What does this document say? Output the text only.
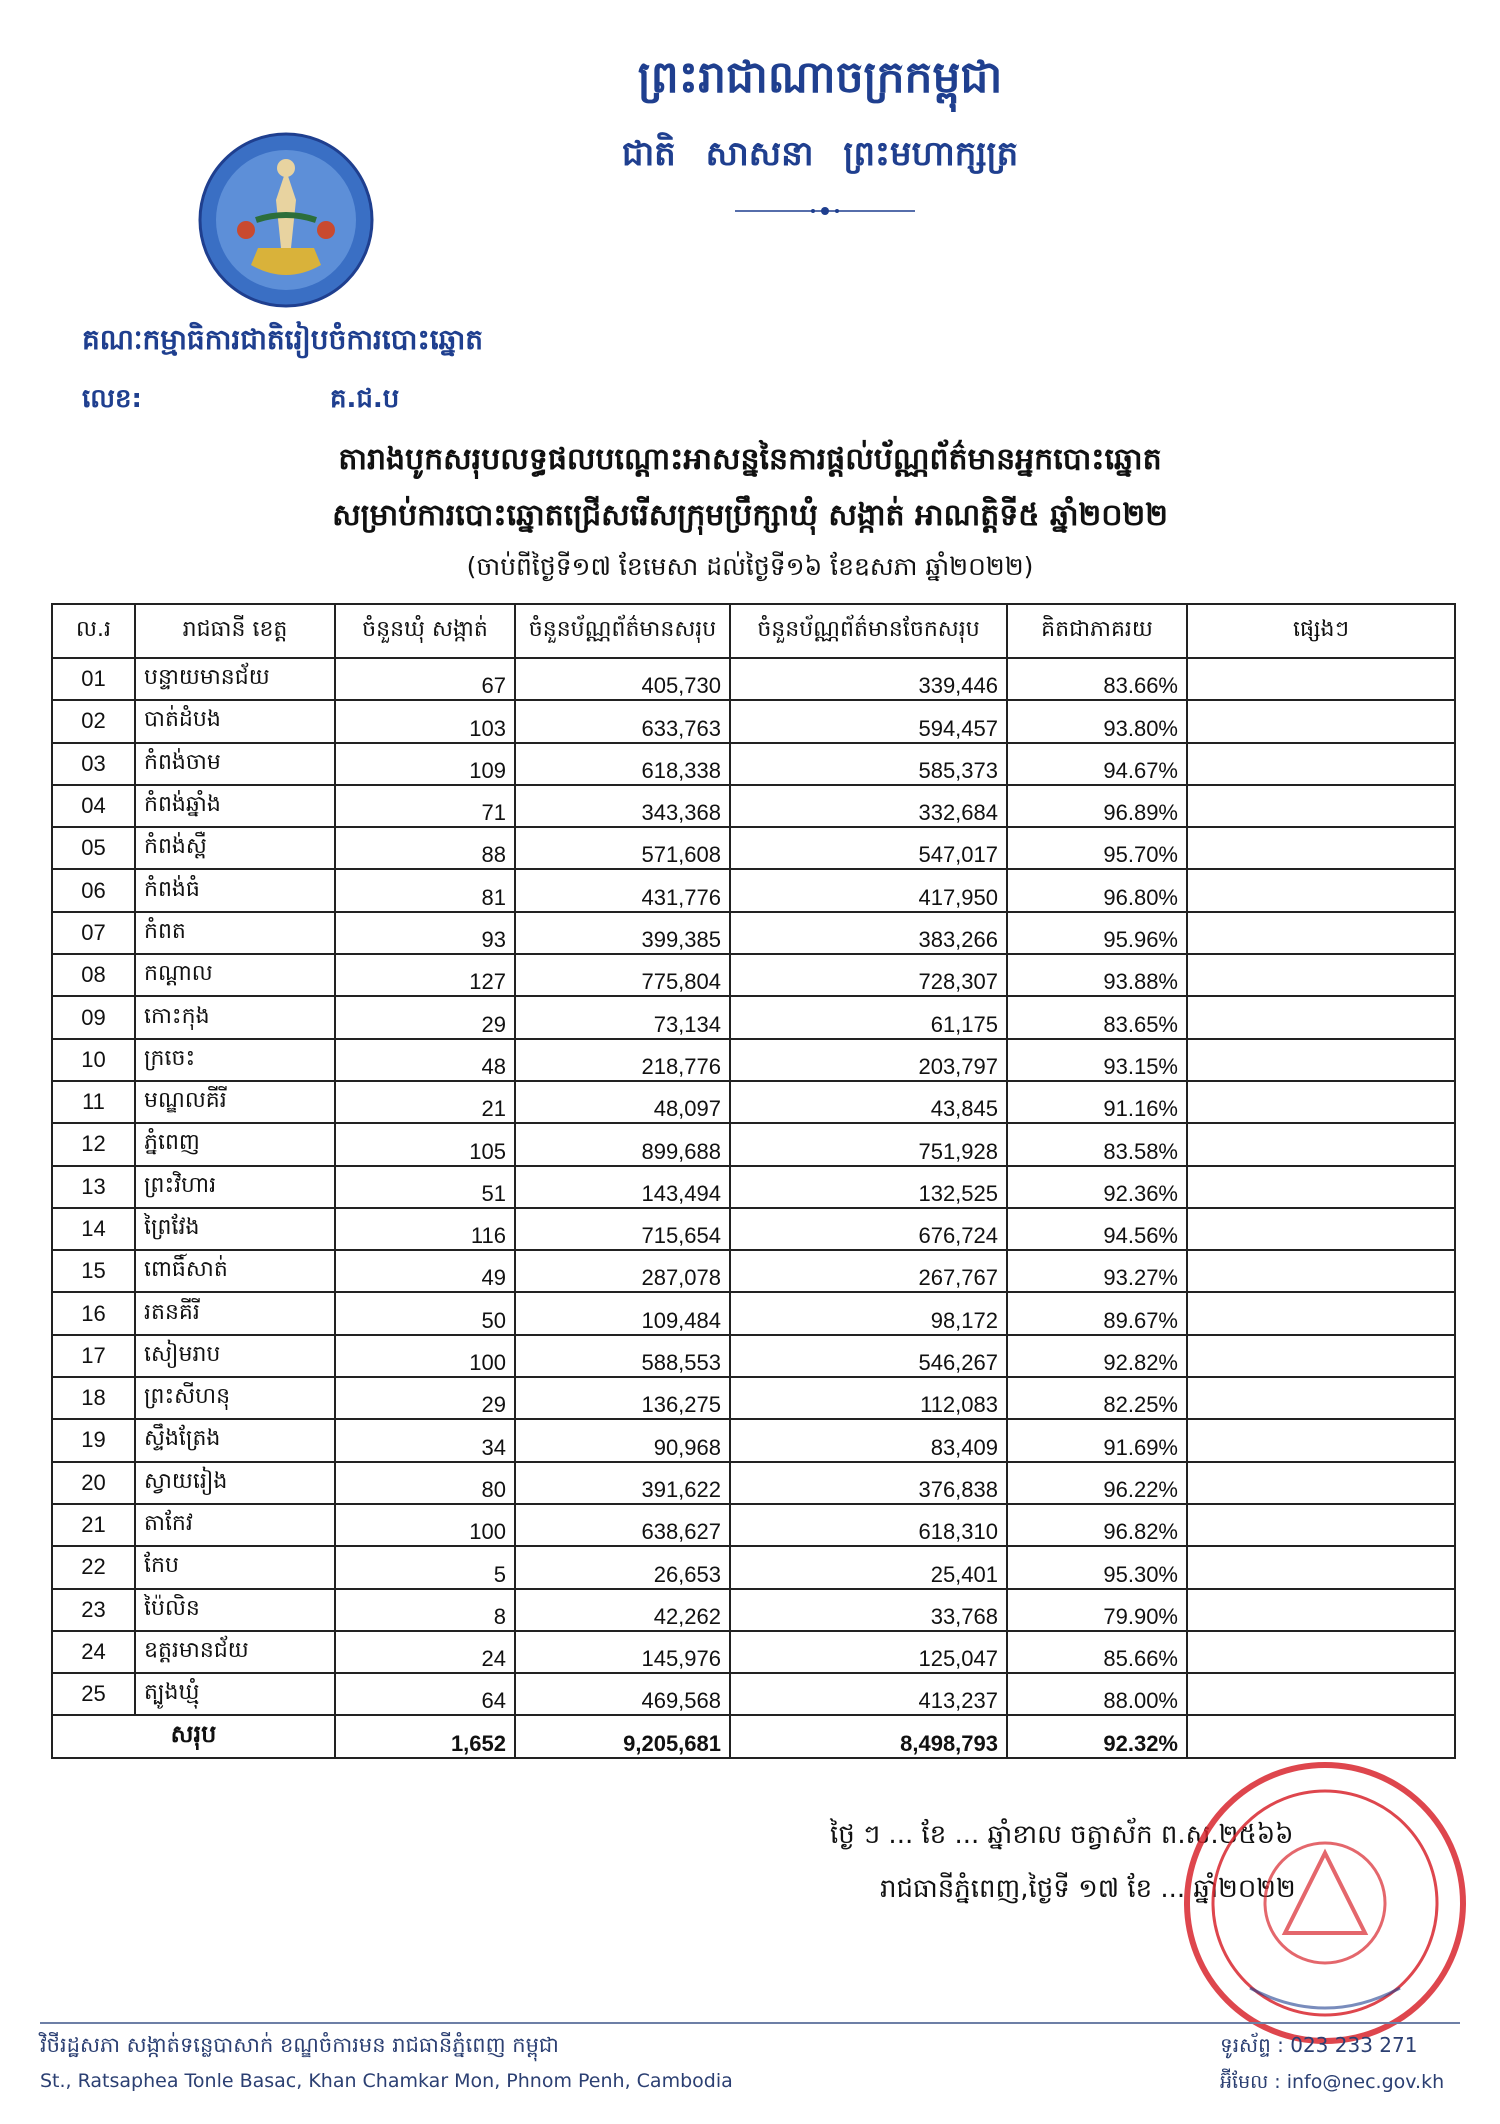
ព្រះរាជាណាចក្រកម្ពុជា
ជាតិ សាសនា ព្រះមហាក្សត្រ
គណៈកម្មាធិការជាតិរៀបចំការបោះឆ្នោត
លេខ:	គ.ជ.ប
តារាងបូកសរុបលទ្ធផលបណ្ដោះអាសន្ននៃការផ្ដល់ប័ណ្ណព័ត៌មានអ្នកបោះឆ្នោត
សម្រាប់ការបោះឆ្នោតជ្រើសរើសក្រុមប្រឹក្សាឃុំ សង្កាត់ អាណត្តិទី៥ ឆ្នាំ២០២២
(ចាប់ពីថ្ងៃទី១៧ ខែមេសា ដល់ថ្ងៃទី១៦ ខែឧសភា ឆ្នាំ២០២២)
ល.រ	រាជធានី ខេត្ត	ចំនួនឃុំ សង្កាត់	ចំនួនប័ណ្ណព័ត៌មានសរុប	ចំនួនប័ណ្ណព័ត៌មានចែកសរុប	គិតជាភាគរយ	ផ្សេងៗ
01	បន្ទាយមានជ័យ	67	405,730	339,446	83.66%	
02	បាត់ដំបង	103	633,763	594,457	93.80%	
03	កំពង់ចាម	109	618,338	585,373	94.67%	
04	កំពង់ឆ្នាំង	71	343,368	332,684	96.89%	
05	កំពង់ស្ពឺ	88	571,608	547,017	95.70%	
06	កំពង់ធំ	81	431,776	417,950	96.80%	
07	កំពត	93	399,385	383,266	95.96%	
08	កណ្ដាល	127	775,804	728,307	93.88%	
09	កោះកុង	29	73,134	61,175	83.65%	
10	ក្រចេះ	48	218,776	203,797	93.15%	
11	មណ្ឌលគីរី	21	48,097	43,845	91.16%	
12	ភ្នំពេញ	105	899,688	751,928	83.58%	
13	ព្រះវិហារ	51	143,494	132,525	92.36%	
14	ព្រៃវែង	116	715,654	676,724	94.56%	
15	ពោធិ៍សាត់	49	287,078	267,767	93.27%	
16	រតនគីរី	50	109,484	98,172	89.67%	
17	សៀមរាប	100	588,553	546,267	92.82%	
18	ព្រះសីហនុ	29	136,275	112,083	82.25%	
19	ស្ទឹងត្រែង	34	90,968	83,409	91.69%	
20	ស្វាយរៀង	80	391,622	376,838	96.22%	
21	តាកែវ	100	638,627	618,310	96.82%	
22	កែប	5	26,653	25,401	95.30%	
23	ប៉ៃលិន	8	42,262	33,768	79.90%	
24	ឧត្ដរមានជ័យ	24	145,976	125,047	85.66%	
25	ត្បូងឃ្មុំ	64	469,568	413,237	88.00%	
សរុប		1,652	9,205,681	8,498,793	92.32%	
ថ្ងៃ ៗ ... ខែ ... ឆ្នាំខាល ចត្វាស័ក ព.ស.២៥៦៦
រាជធានីភ្នំពេញ,ថ្ងៃទី ១៧ ខែ ... ឆ្នាំ២០២២
វិថីរដ្ឋសភា សង្កាត់ទន្លេបាសាក់ ខណ្ឌចំការមន រាជធានីភ្នំពេញ កម្ពុជា
St., Ratsaphea Tonle Basac, Khan Chamkar Mon, Phnom Penh, Cambodia
ទូរស័ព្ទ : 023 233 271
អ៊ីមែល : info@nec.gov.kh
